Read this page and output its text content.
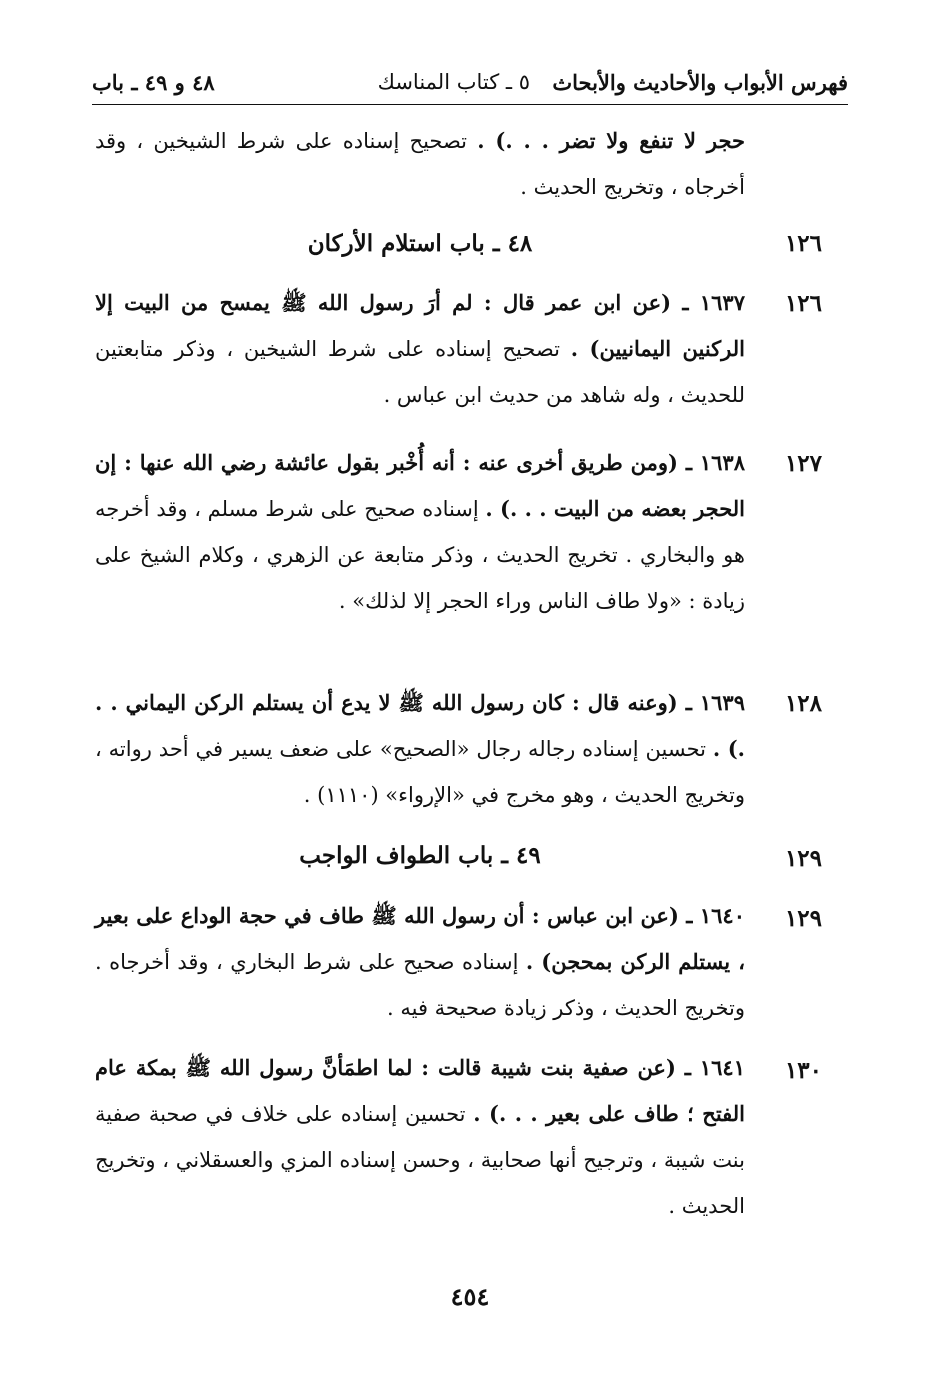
فهرس الأبواب والأحاديث والأبحاث
٥ ـ كتاب المناسك
٤٨ و ٤٩ ـ باب
حجر لا تنفع ولا تضر . . .) . تصحيح إسناده على شرط الشيخين ، وقد أخرجاه ، وتخريج الحديث .
١٢٦
٤٨ ـ باب استلام الأركان
١٢٦
١٦٣٧ ـ (عن ابن عمر قال : لم أرَ رسول الله ﷺ يمسح من البيت إلا الركنين اليمانيين) . تصحيح إسناده على شرط الشيخين ، وذكر متابعتين للحديث ، وله شاهد من حديث ابن عباس .
١٢٧
١٦٣٨ ـ (ومن طريق أخرى عنه : أنه أُخْبر بقول عائشة رضي الله عنها : إن الحجر بعضه من البيت . . .) . إسناده صحيح على شرط مسلم ، وقد أخرجه هو والبخاري . تخريج الحديث ، وذكر متابعة عن الزهري ، وكلام الشيخ على زيادة : «ولا طاف الناس وراء الحجر إلا لذلك» .
١٢٨
١٦٣٩ ـ (وعنه قال : كان رسول الله ﷺ لا يدع أن يستلم الركن اليماني . . .) . تحسين إسناده رجاله رجال «الصحيح» على ضعف يسير في أحد رواته ، وتخريج الحديث ، وهو مخرج في «الإرواء» (١١١٠) .
١٢٩
٤٩ ـ باب الطواف الواجب
١٢٩
١٦٤٠ ـ (عن ابن عباس : أن رسول الله ﷺ طاف في حجة الوداع على بعير ، يستلم الركن بمحجن) . إسناده صحيح على شرط البخاري ، وقد أخرجاه . وتخريج الحديث ، وذكر زيادة صحيحة فيه .
١٣٠
١٦٤١ ـ (عن صفية بنت شيبة قالت : لما اطمَأنَّ رسول الله ﷺ بمكة عام الفتح ؛ طاف على بعير . . .) . تحسين إسناده على خلاف في صحبة صفية بنت شيبة ، وترجيح أنها صحابية ، وحسن إسناده المزي والعسقلاني ، وتخريج الحديث .
٤٥٤
